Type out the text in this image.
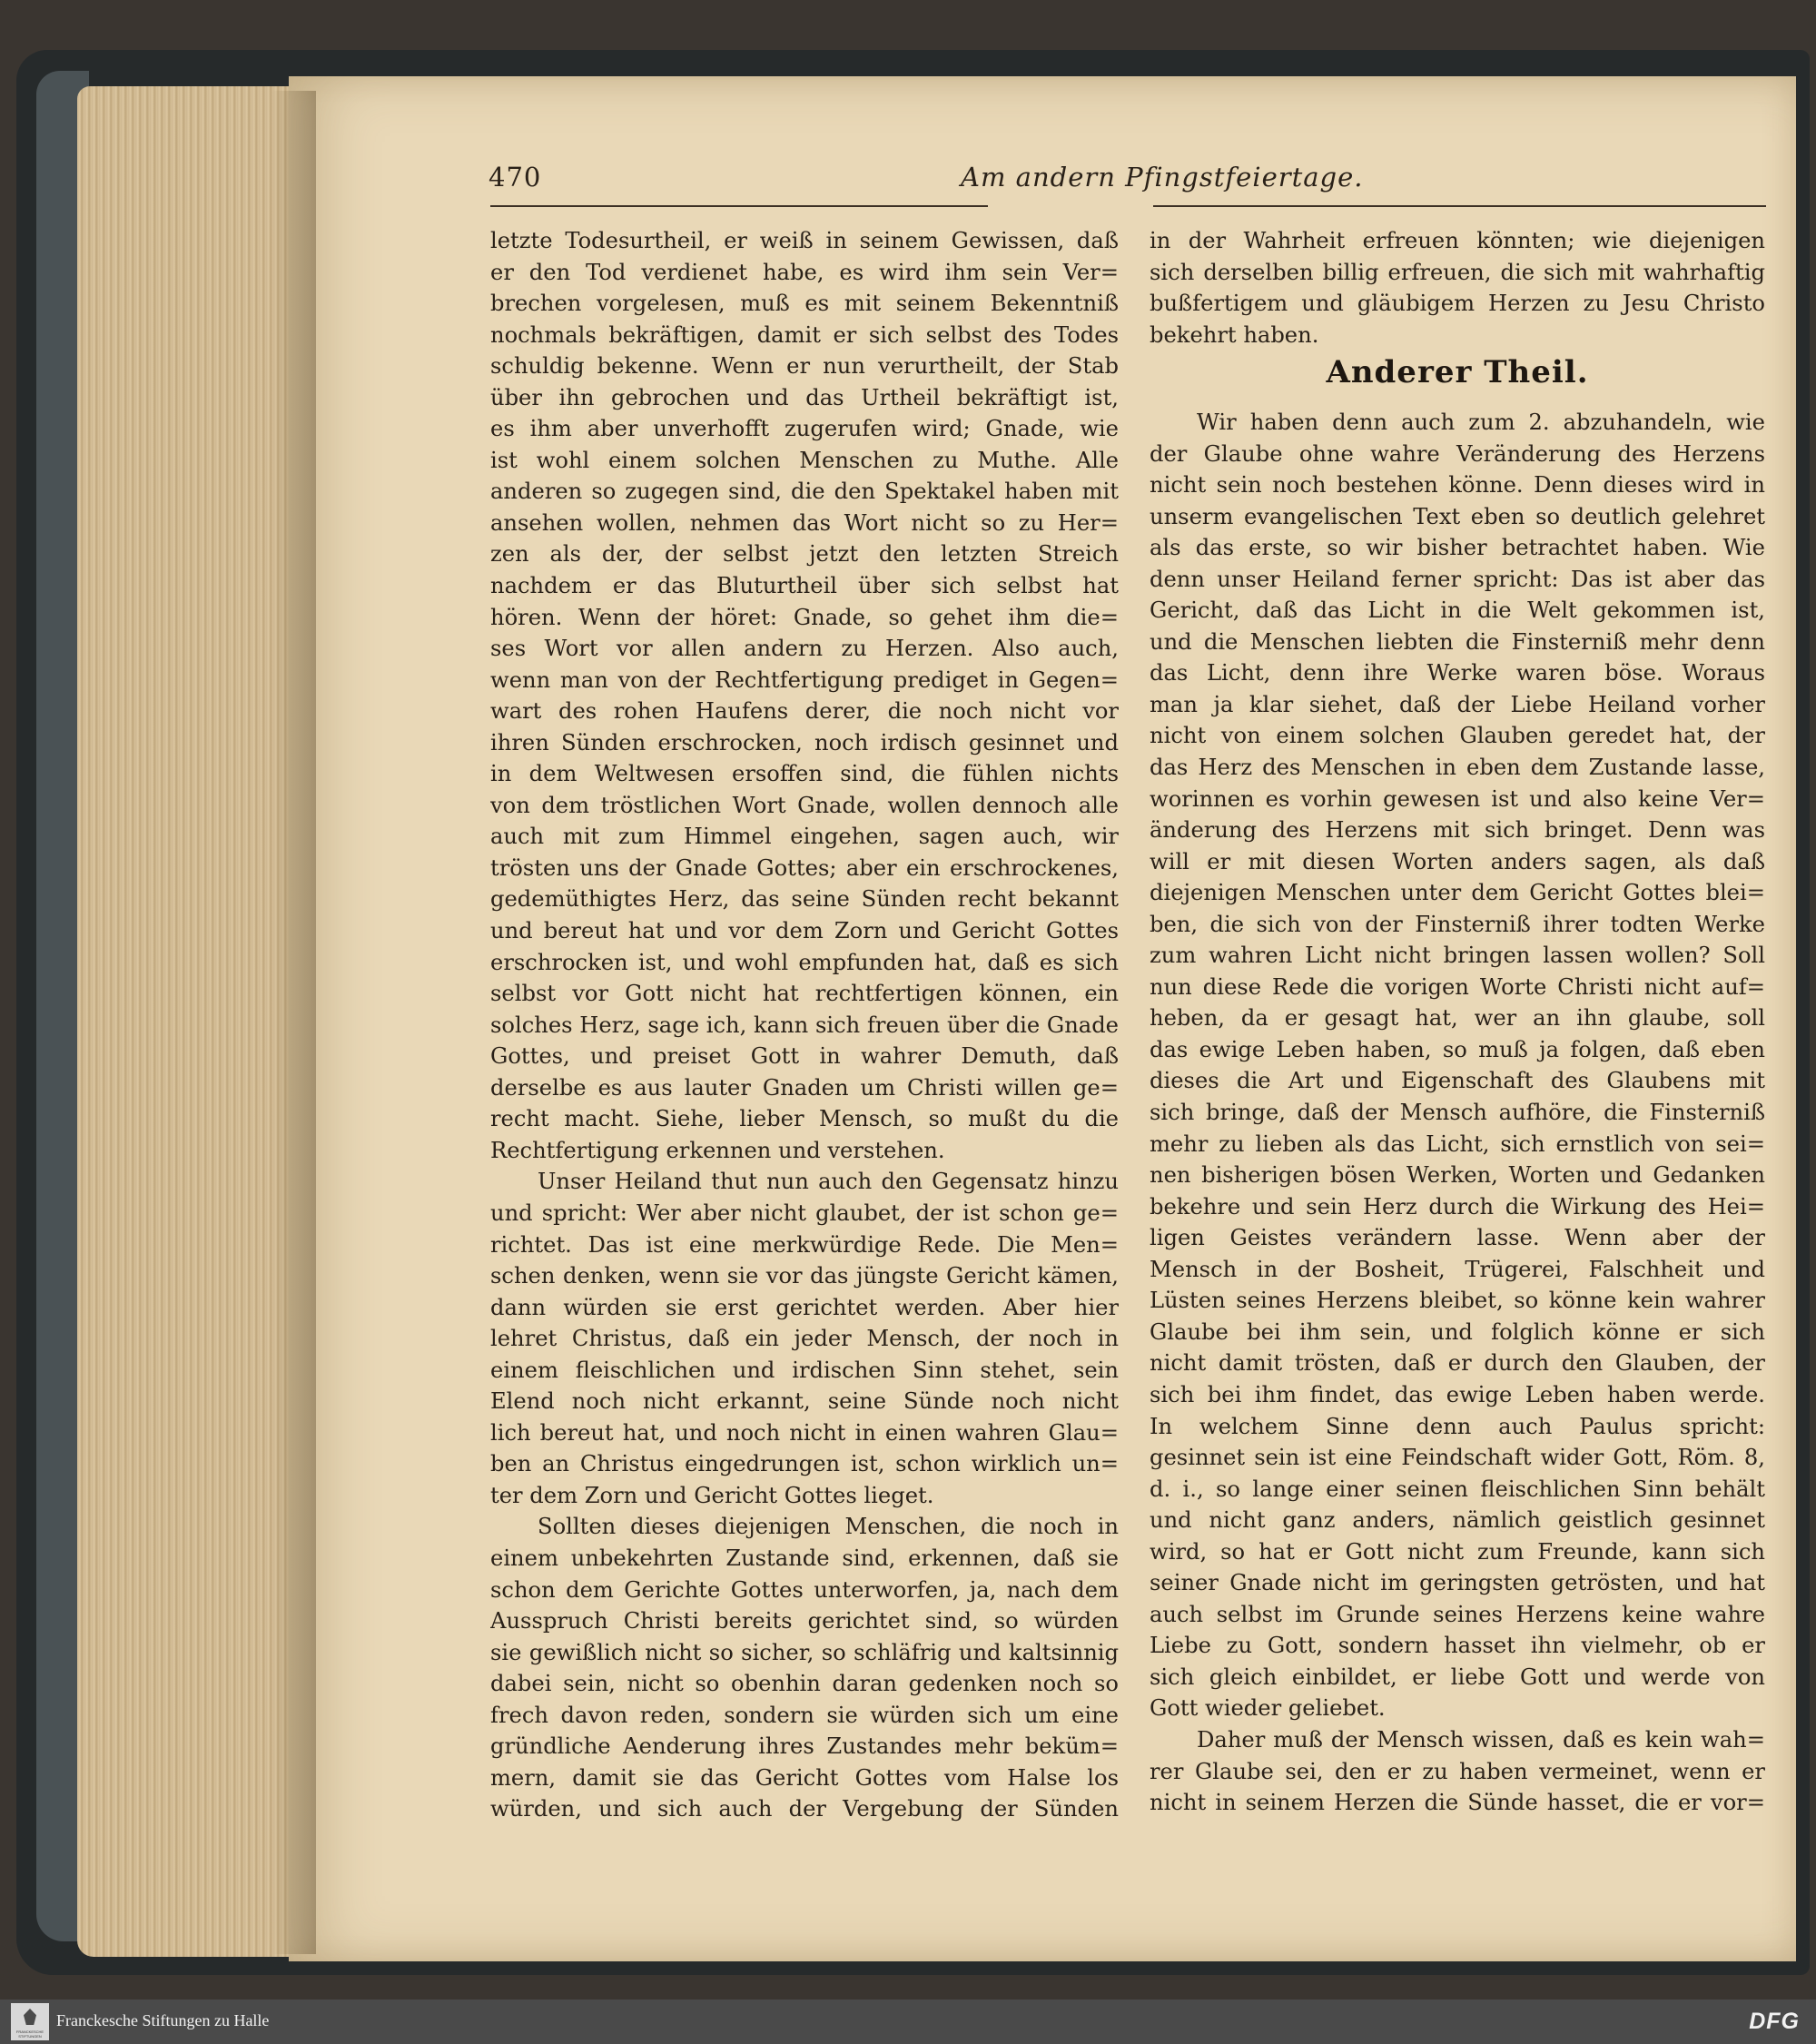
470	Am andern Pfingstfeiertage.
letzte Todesurtheil, er weiß in seinem Gewissen, daß
er den Tod verdienet habe, es wird ihm sein Ver=
brechen vorgelesen, muß es mit seinem Bekenntniß
nochmals bekräftigen, damit er sich selbst des Todes
schuldig bekenne. Wenn er nun verurtheilt, der Stab
über ihn gebrochen und das Urtheil bekräftigt ist,
es ihm aber unverhofft zugerufen wird; Gnade, wie
ist wohl einem solchen Menschen zu Muthe. Alle
anderen so zugegen sind, die den Spektakel haben mit
ansehen wollen, nehmen das Wort nicht so zu Her=
zen als der, der selbst jetzt den letzten Streich
nachdem er das Bluturtheil über sich selbst hat
hören. Wenn der höret: Gnade, so gehet ihm die=
ses Wort vor allen andern zu Herzen. Also auch,
wenn man von der Rechtfertigung prediget in Gegen=
wart des rohen Haufens derer, die noch nicht vor
ihren Sünden erschrocken, noch irdisch gesinnet und
in dem Weltwesen ersoffen sind, die fühlen nichts
von dem tröstlichen Wort Gnade, wollen dennoch alle
auch mit zum Himmel eingehen, sagen auch, wir
trösten uns der Gnade Gottes; aber ein erschrockenes,
gedemüthigtes Herz, das seine Sünden recht bekannt
und bereut hat und vor dem Zorn und Gericht Gottes
erschrocken ist, und wohl empfunden hat, daß es sich
selbst vor Gott nicht hat rechtfertigen können, ein
solches Herz, sage ich, kann sich freuen über die Gnade
Gottes, und preiset Gott in wahrer Demuth, daß
derselbe es aus lauter Gnaden um Christi willen ge=
recht macht. Siehe, lieber Mensch, so mußt du die
Rechtfertigung erkennen und verstehen.
Unser Heiland thut nun auch den Gegensatz hinzu
und spricht: Wer aber nicht glaubet, der ist schon ge=
richtet. Das ist eine merkwürdige Rede. Die Men=
schen denken, wenn sie vor das jüngste Gericht kämen,
dann würden sie erst gerichtet werden. Aber hier
lehret Christus, daß ein jeder Mensch, der noch in
einem fleischlichen und irdischen Sinn stehet, sein
Elend noch nicht erkannt, seine Sünde noch nicht
lich bereut hat, und noch nicht in einen wahren Glau=
ben an Christus eingedrungen ist, schon wirklich un=
ter dem Zorn und Gericht Gottes lieget.
Sollten dieses diejenigen Menschen, die noch in
einem unbekehrten Zustande sind, erkennen, daß sie
schon dem Gerichte Gottes unterworfen, ja, nach dem
Ausspruch Christi bereits gerichtet sind, so würden
sie gewißlich nicht so sicher, so schläfrig und kaltsinnig
dabei sein, nicht so obenhin daran gedenken noch so
frech davon reden, sondern sie würden sich um eine
gründliche Aenderung ihres Zustandes mehr beküm=
mern, damit sie das Gericht Gottes vom Halse los
würden, und sich auch der Vergebung der Sünden
in der Wahrheit erfreuen könnten; wie diejenigen
sich derselben billig erfreuen, die sich mit wahrhaftig
bußfertigem und gläubigem Herzen zu Jesu Christo
bekehrt haben.
Anderer Theil.
Wir haben denn auch zum 2. abzuhandeln, wie
der Glaube ohne wahre Veränderung des Herzens
nicht sein noch bestehen könne. Denn dieses wird in
unserm evangelischen Text eben so deutlich gelehret
als das erste, so wir bisher betrachtet haben. Wie
denn unser Heiland ferner spricht: Das ist aber das
Gericht, daß das Licht in die Welt gekommen ist,
und die Menschen liebten die Finsterniß mehr denn
das Licht, denn ihre Werke waren böse. Woraus
man ja klar siehet, daß der Liebe Heiland vorher
nicht von einem solchen Glauben geredet hat, der
das Herz des Menschen in eben dem Zustande lasse,
worinnen es vorhin gewesen ist und also keine Ver=
änderung des Herzens mit sich bringet. Denn was
will er mit diesen Worten anders sagen, als daß
diejenigen Menschen unter dem Gericht Gottes blei=
ben, die sich von der Finsterniß ihrer todten Werke
zum wahren Licht nicht bringen lassen wollen? Soll
nun diese Rede die vorigen Worte Christi nicht auf=
heben, da er gesagt hat, wer an ihn glaube, soll
das ewige Leben haben, so muß ja folgen, daß eben
dieses die Art und Eigenschaft des Glaubens mit
sich bringe, daß der Mensch aufhöre, die Finsterniß
mehr zu lieben als das Licht, sich ernstlich von sei=
nen bisherigen bösen Werken, Worten und Gedanken
bekehre und sein Herz durch die Wirkung des Hei=
ligen Geistes verändern lasse. Wenn aber der
Mensch in der Bosheit, Trügerei, Falschheit und
Lüsten seines Herzens bleibet, so könne kein wahrer
Glaube bei ihm sein, und folglich könne er sich
nicht damit trösten, daß er durch den Glauben, der
sich bei ihm findet, das ewige Leben haben werde.
In welchem Sinne denn auch Paulus spricht:
gesinnet sein ist eine Feindschaft wider Gott, Röm. 8,
d. i., so lange einer seinen fleischlichen Sinn behält
und nicht ganz anders, nämlich geistlich gesinnet
wird, so hat er Gott nicht zum Freunde, kann sich
seiner Gnade nicht im geringsten getrösten, und hat
auch selbst im Grunde seines Herzens keine wahre
Liebe zu Gott, sondern hasset ihn vielmehr, ob er
sich gleich einbildet, er liebe Gott und werde von
Gott wieder geliebet.
Daher muß der Mensch wissen, daß es kein wah=
rer Glaube sei, den er zu haben vermeinet, wenn er
nicht in seinem Herzen die Sünde hasset, die er vor=
FRANCKESCHE STIFTUNGEN
Franckesche Stiftungen zu Halle	DFG
